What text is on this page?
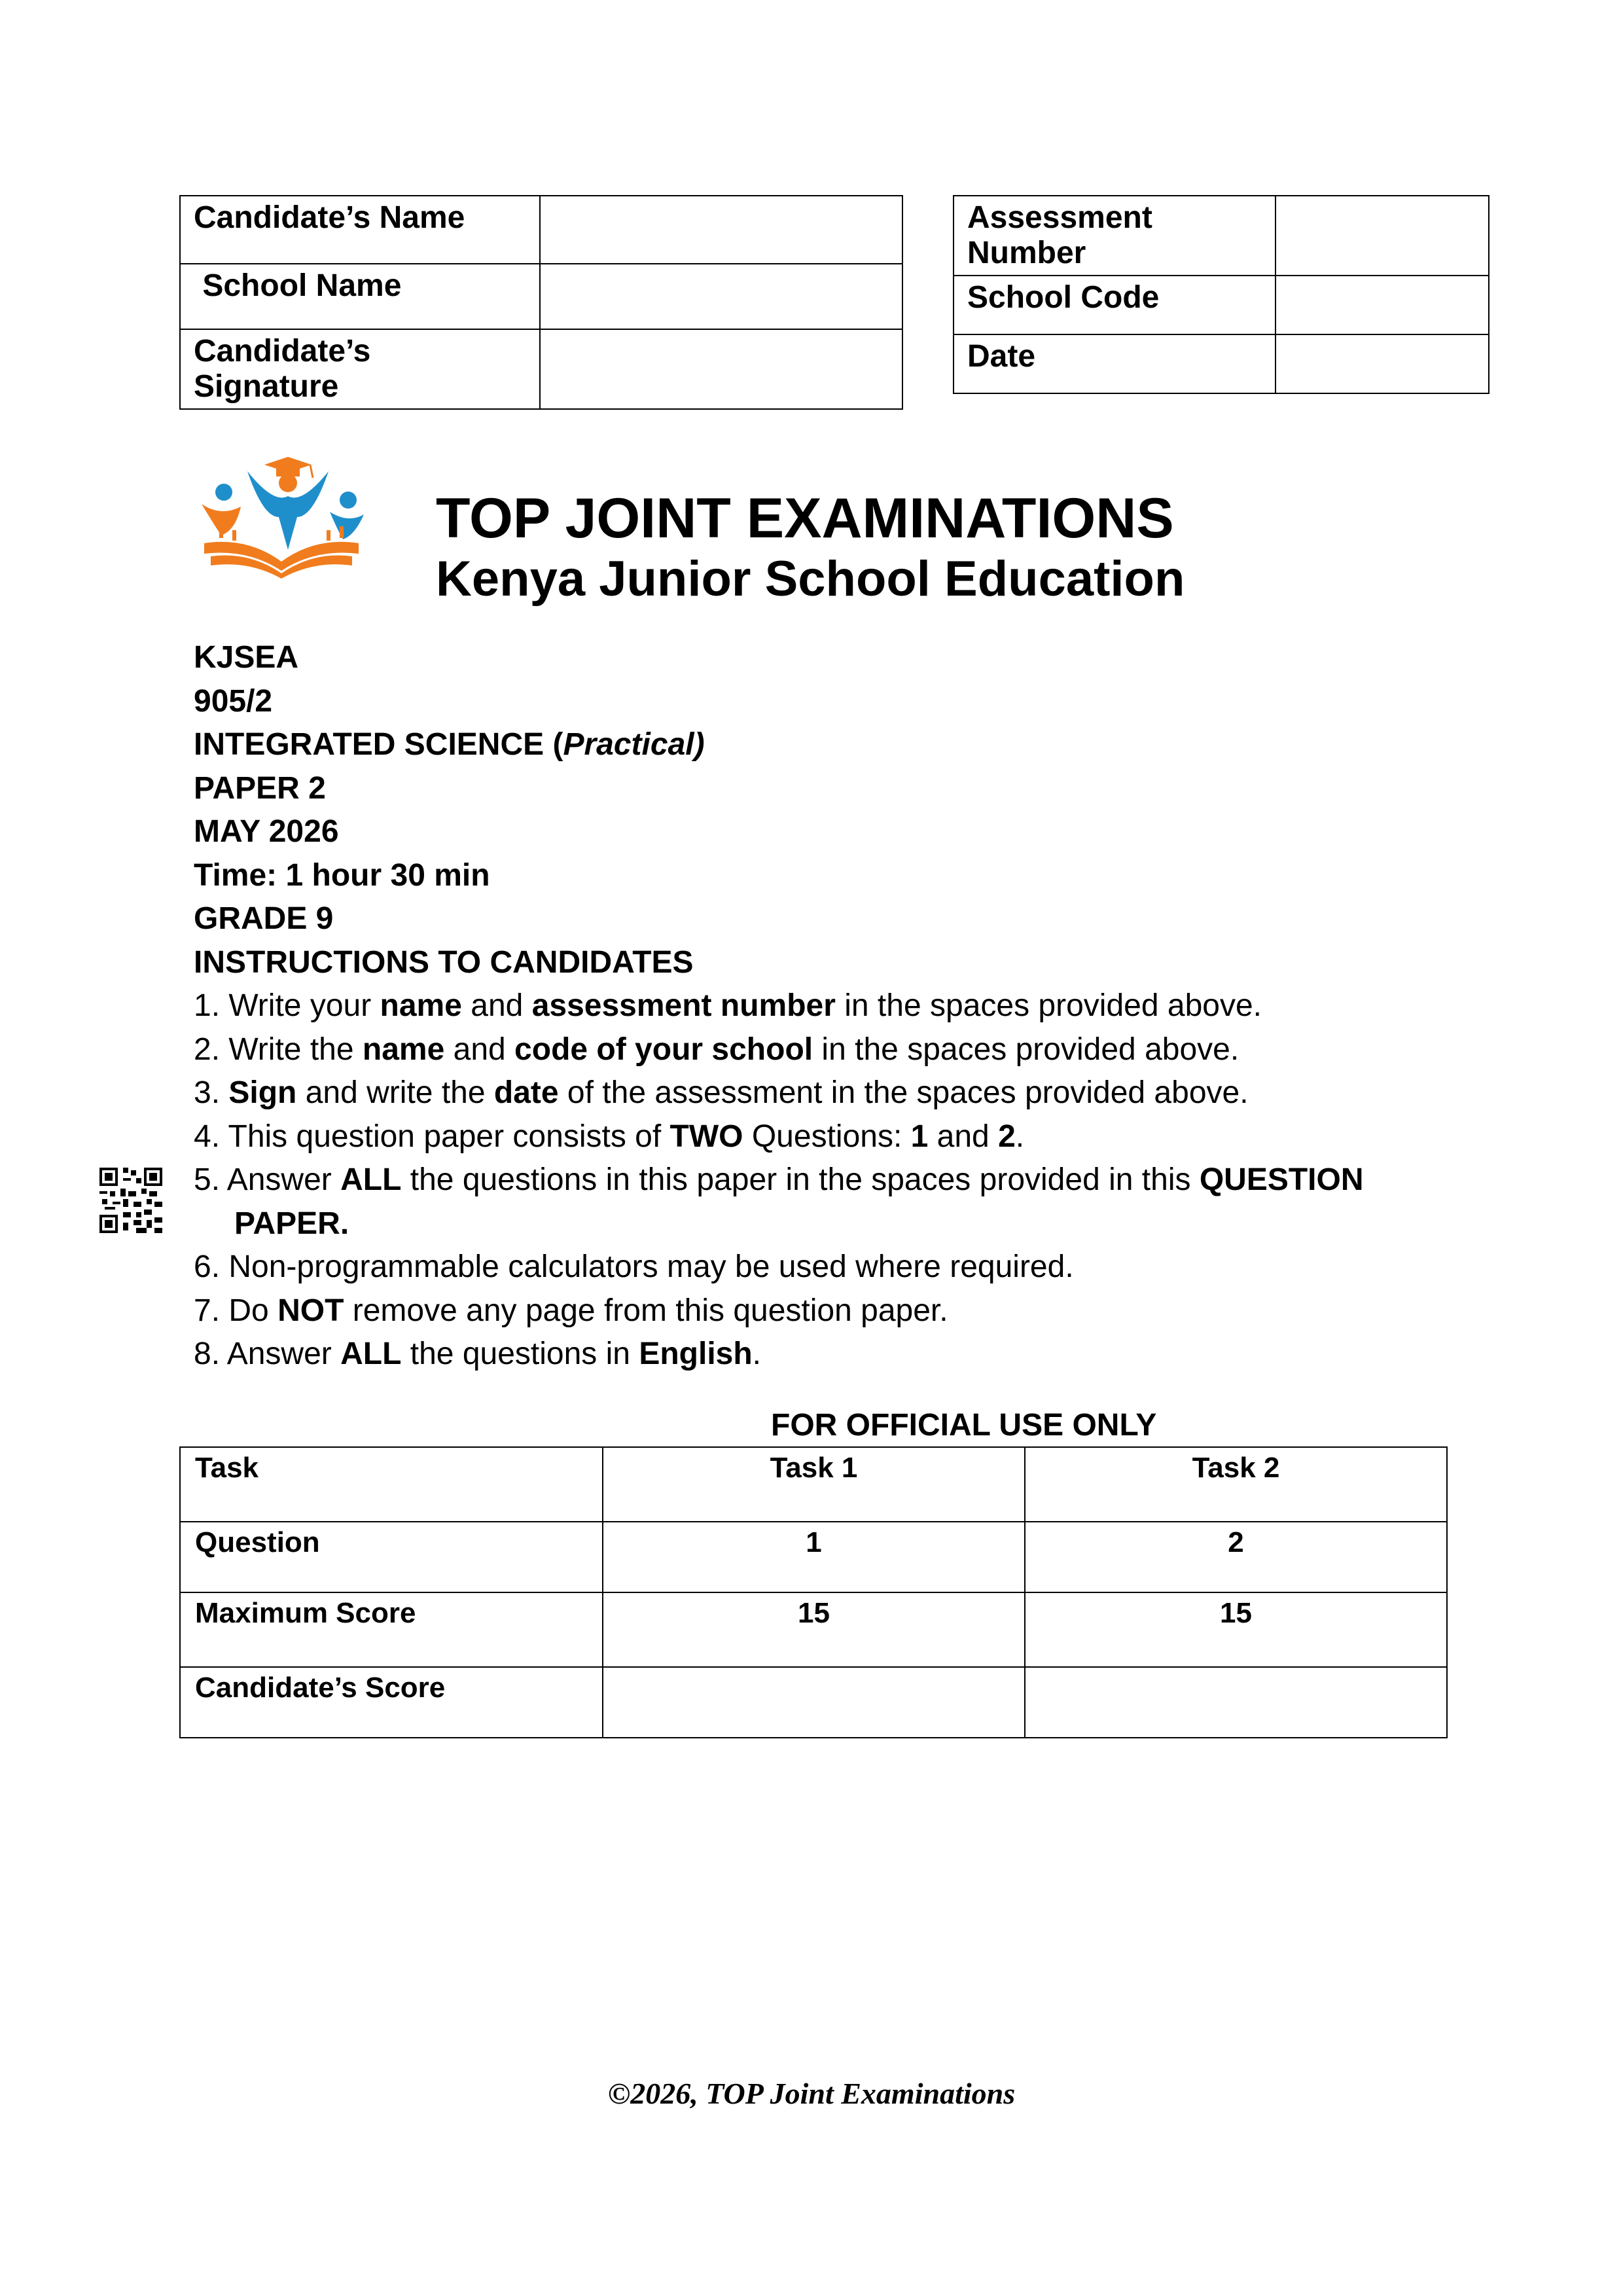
Candidate’s Name	
School Name	
Candidate’s Signature	
Assessment Number	
School Code	
Date	
TOP JOINT EXAMINATIONS
Kenya Junior School Education
KJSEA
905/2
INTEGRATED SCIENCE (Practical)
PAPER 2
MAY 2026
Time: 1 hour 30 min
GRADE 9
INSTRUCTIONS TO CANDIDATES
1. Write your name and assessment number in the spaces provided above.
2. Write the name and code of your school in the spaces provided above.
3. Sign and write the date of the assessment in the spaces provided above.
4. This question paper consists of TWO Questions: 1 and 2.
5. Answer ALL the questions in this paper in the spaces provided in this QUESTION
PAPER.
6. Non-programmable calculators may be used where required.
7. Do NOT remove any page from this question paper.
8. Answer ALL the questions in English.
FOR OFFICIAL USE ONLY
Task	Task 1	Task 2
Question	1	2
Maximum Score	15	15
Candidate’s Score		
©2026, TOP Joint Examinations
